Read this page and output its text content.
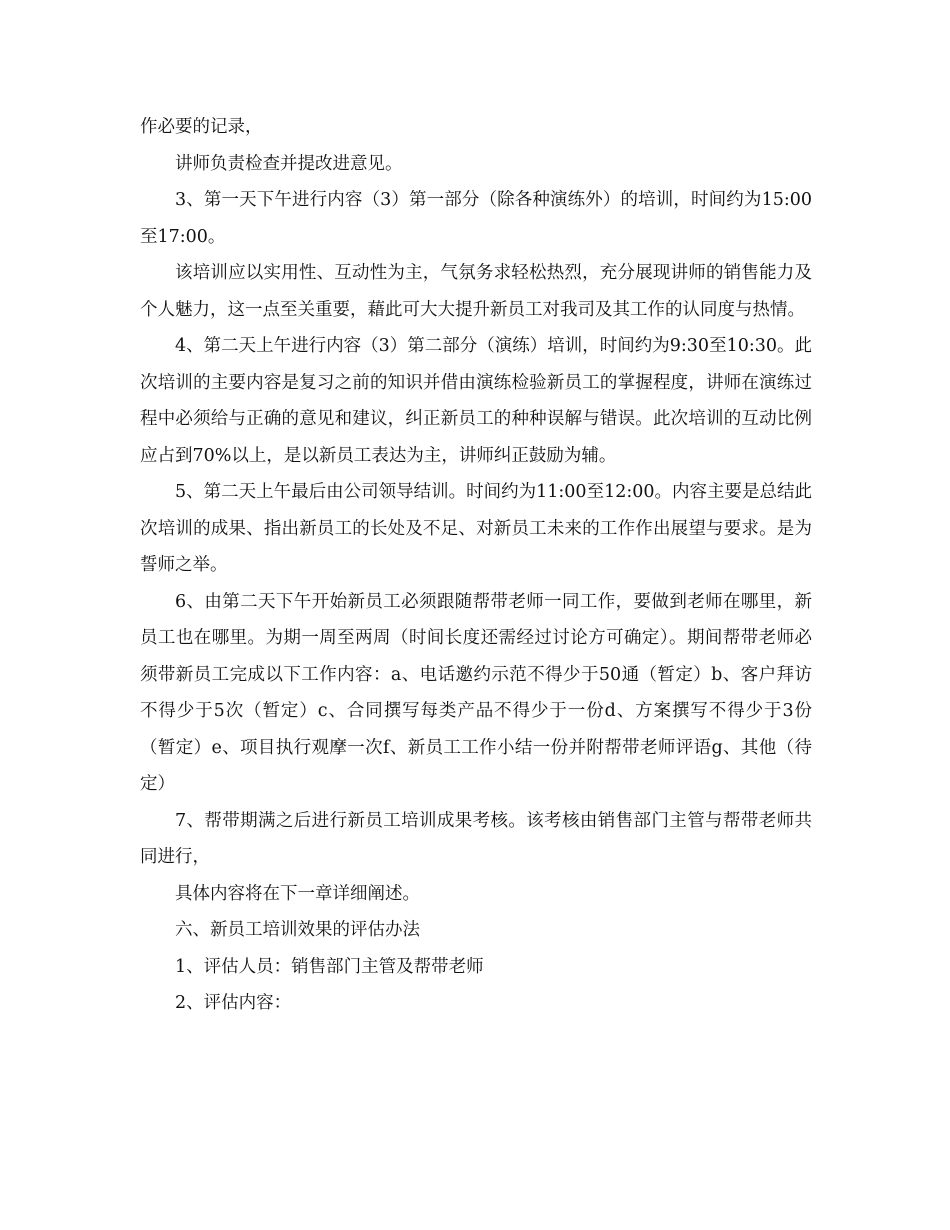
作必要的记录，

讲师负责检查并提改进意见。

3、第一天下午进行内容（3）第一部分（除各种演练外）的培训，时间约为15:00至17:00。

该培训应以实用性、互动性为主，气氛务求轻松热烈，充分展现讲师的销售能力及个人魅力，这一点至关重要，藉此可大大提升新员工对我司及其工作的认同度与热情。

4、第二天上午进行内容（3）第二部分（演练）培训，时间约为9:30至10:30。此次培训的主要内容是复习之前的知识并借由演练检验新员工的掌握程度，讲师在演练过程中必须给与正确的意见和建议，纠正新员工的种种误解与错误。此次培训的互动比例应占到70%以上，是以新员工表达为主，讲师纠正鼓励为辅。

5、第二天上午最后由公司领导结训。时间约为11:00至12:00。内容主要是总结此次培训的成果、指出新员工的长处及不足、对新员工未来的工作作出展望与要求。是为誓师之举。

6、由第二天下午开始新员工必须跟随帮带老师一同工作，要做到老师在哪里，新员工也在哪里。为期一周至两周（时间长度还需经过讨论方可确定）。期间帮带老师必须带新员工完成以下工作内容：a、电话邀约示范不得少于50通（暂定）b、客户拜访不得少于5次（暂定）c、合同撰写每类产品不得少于一份d、方案撰写不得少于3份（暂定）e、项目执行观摩一次f、新员工工作小结一份并附帮带老师评语g、其他（待定）

7、帮带期满之后进行新员工培训成果考核。该考核由销售部门主管与帮带老师共同进行，

具体内容将在下一章详细阐述。

六、新员工培训效果的评估办法

1、评估人员：销售部门主管及帮带老师

2、评估内容：
